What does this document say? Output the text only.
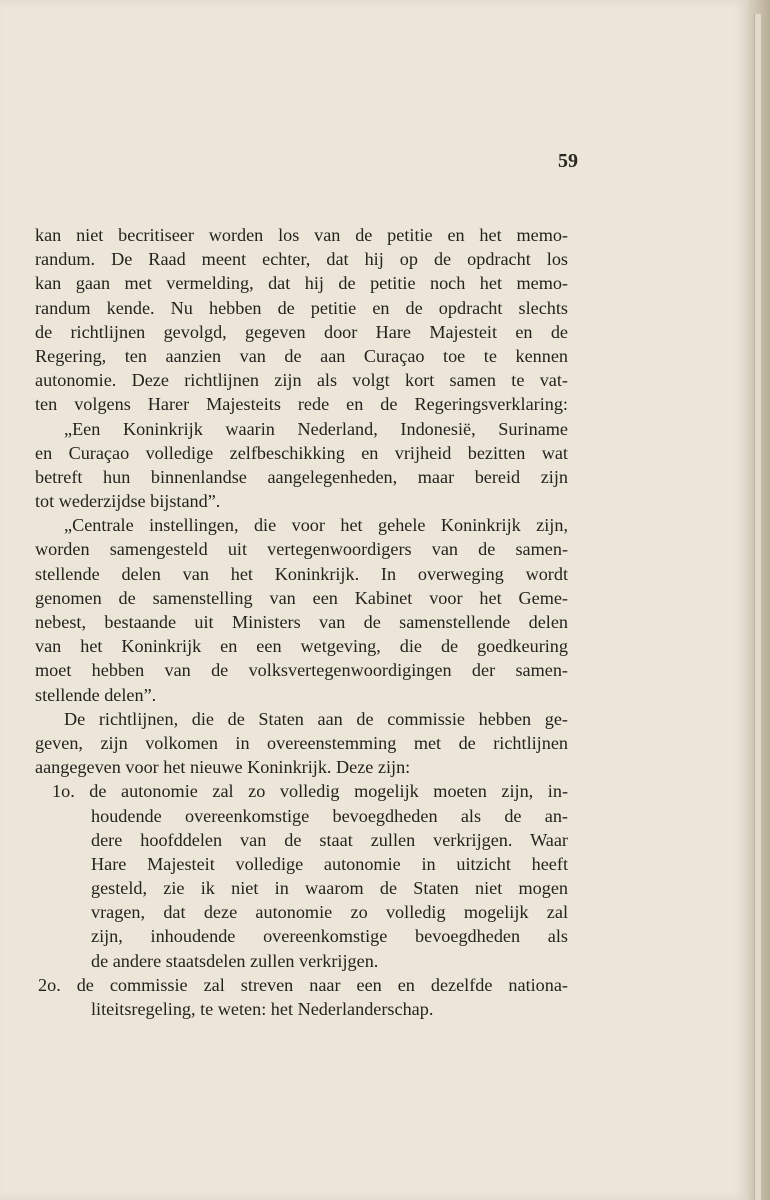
59
kan niet becritiseer worden los van de petitie en het memo-
randum. De Raad meent echter, dat hij op de opdracht los
kan gaan met vermelding, dat hij de petitie noch het memo-
randum kende. Nu hebben de petitie en de opdracht slechts
de richtlijnen gevolgd, gegeven door Hare Majesteit en de
Regering, ten aanzien van de aan Curaçao toe te kennen
autonomie. Deze richtlijnen zijn als volgt kort samen te vat-
ten volgens Harer Majesteits rede en de Regeringsverklaring:
„Een Koninkrijk waarin Nederland, Indonesië, Suriname
en Curaçao volledige zelfbeschikking en vrijheid bezitten wat
betreft hun binnenlandse aangelegenheden, maar bereid zijn
tot wederzijdse bijstand”.
„Centrale instellingen, die voor het gehele Koninkrijk zijn,
worden samengesteld uit vertegenwoordigers van de samen-
stellende delen van het Koninkrijk. In overweging wordt
genomen de samenstelling van een Kabinet voor het Geme-
nebest, bestaande uit Ministers van de samenstellende delen
van het Koninkrijk en een wetgeving, die de goedkeuring
moet hebben van de volksvertegenwoordigingen der samen-
stellende delen”.
De richtlijnen, die de Staten aan de commissie hebben ge-
geven, zijn volkomen in overeenstemming met de richtlijnen
aangegeven voor het nieuwe Koninkrijk. Deze zijn:
1o. de autonomie zal zo volledig mogelijk moeten zijn, in-
houdende overeenkomstige bevoegdheden als de an-
dere hoofddelen van de staat zullen verkrijgen. Waar
Hare Majesteit volledige autonomie in uitzicht heeft
gesteld, zie ik niet in waarom de Staten niet mogen
vragen, dat deze autonomie zo volledig mogelijk zal
zijn, inhoudende overeenkomstige bevoegdheden als
de andere staatsdelen zullen verkrijgen.
2o. de commissie zal streven naar een en dezelfde nationa-
liteitsregeling, te weten: het Nederlanderschap.
